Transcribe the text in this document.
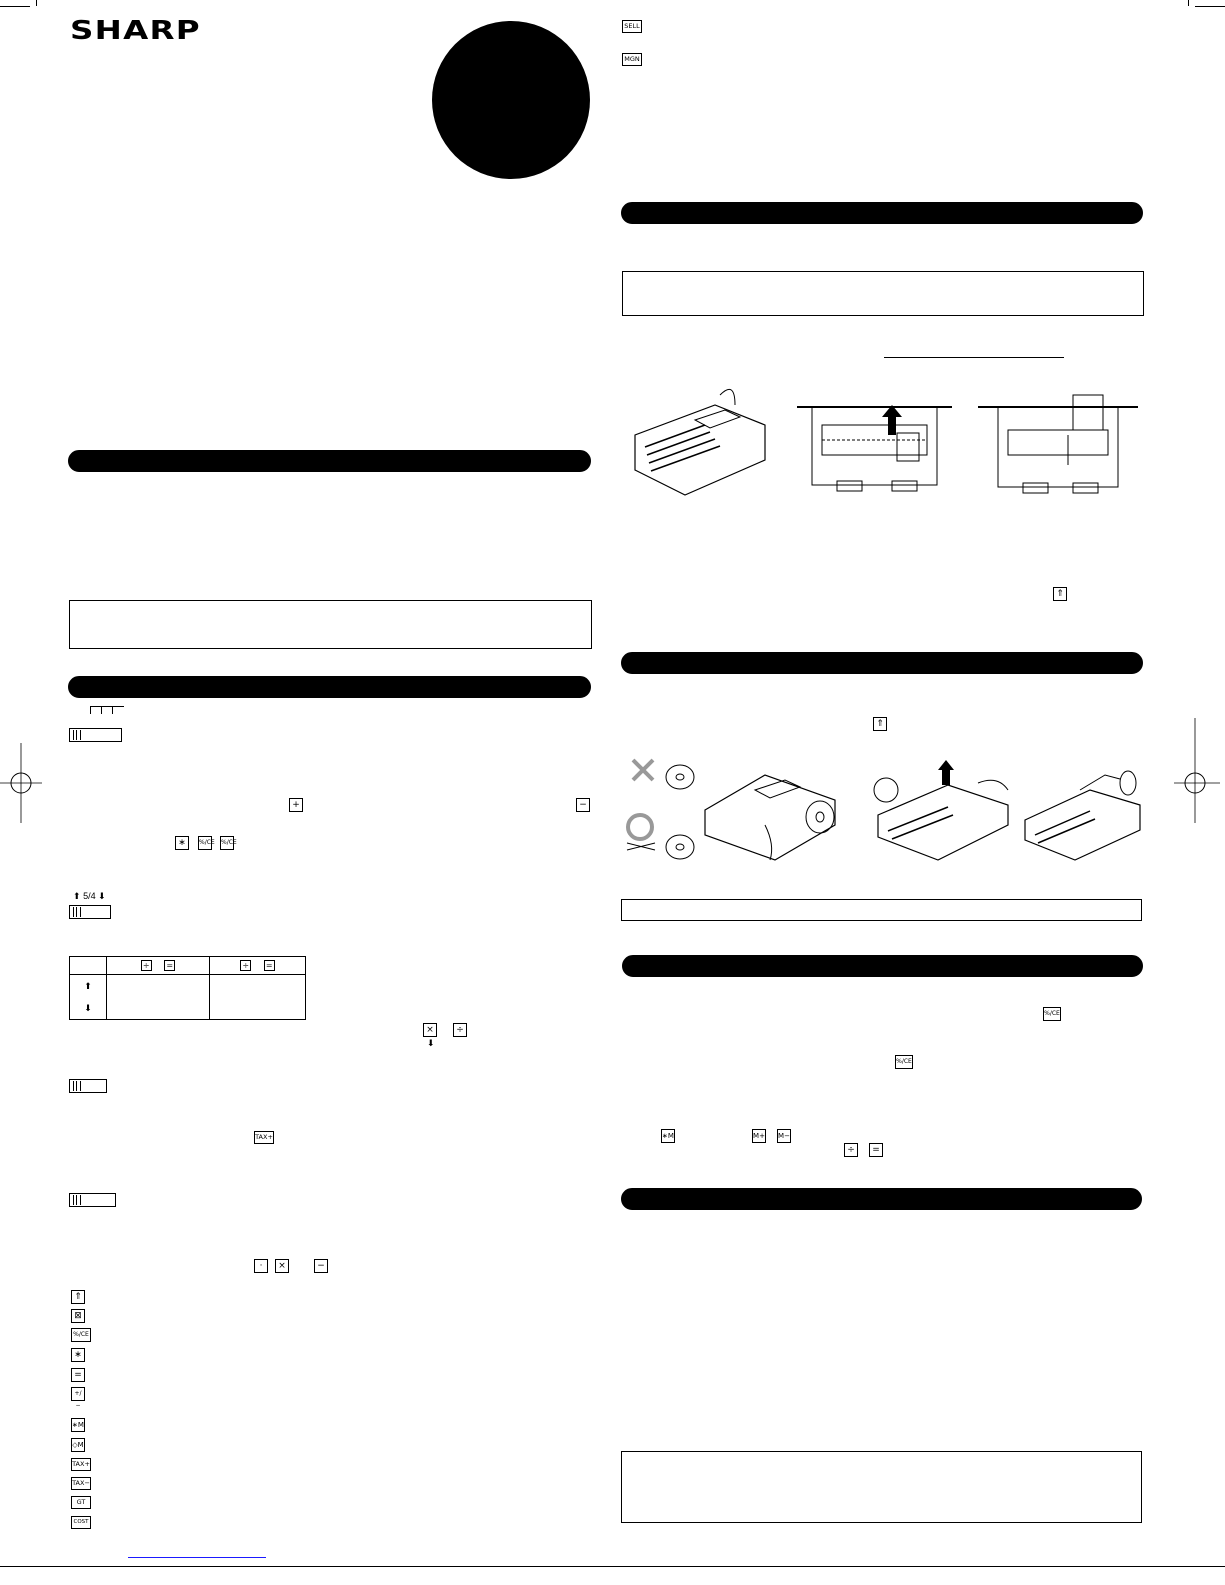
SHARP
+	−
∗	%/CE %/CE
⬆ 5/4 ⬇
	÷ =	÷ =
⬆
⬇		
×	÷
⬇
TAX+
·	×	−
⇑
⊠
%/CE
∗
=
+/−
∗M
◇M
TAX+
TAX−
GT
COST
SELL
MGN
⇑
⇑
%/CE
%/CE
∗M	M+ M−
÷	=
